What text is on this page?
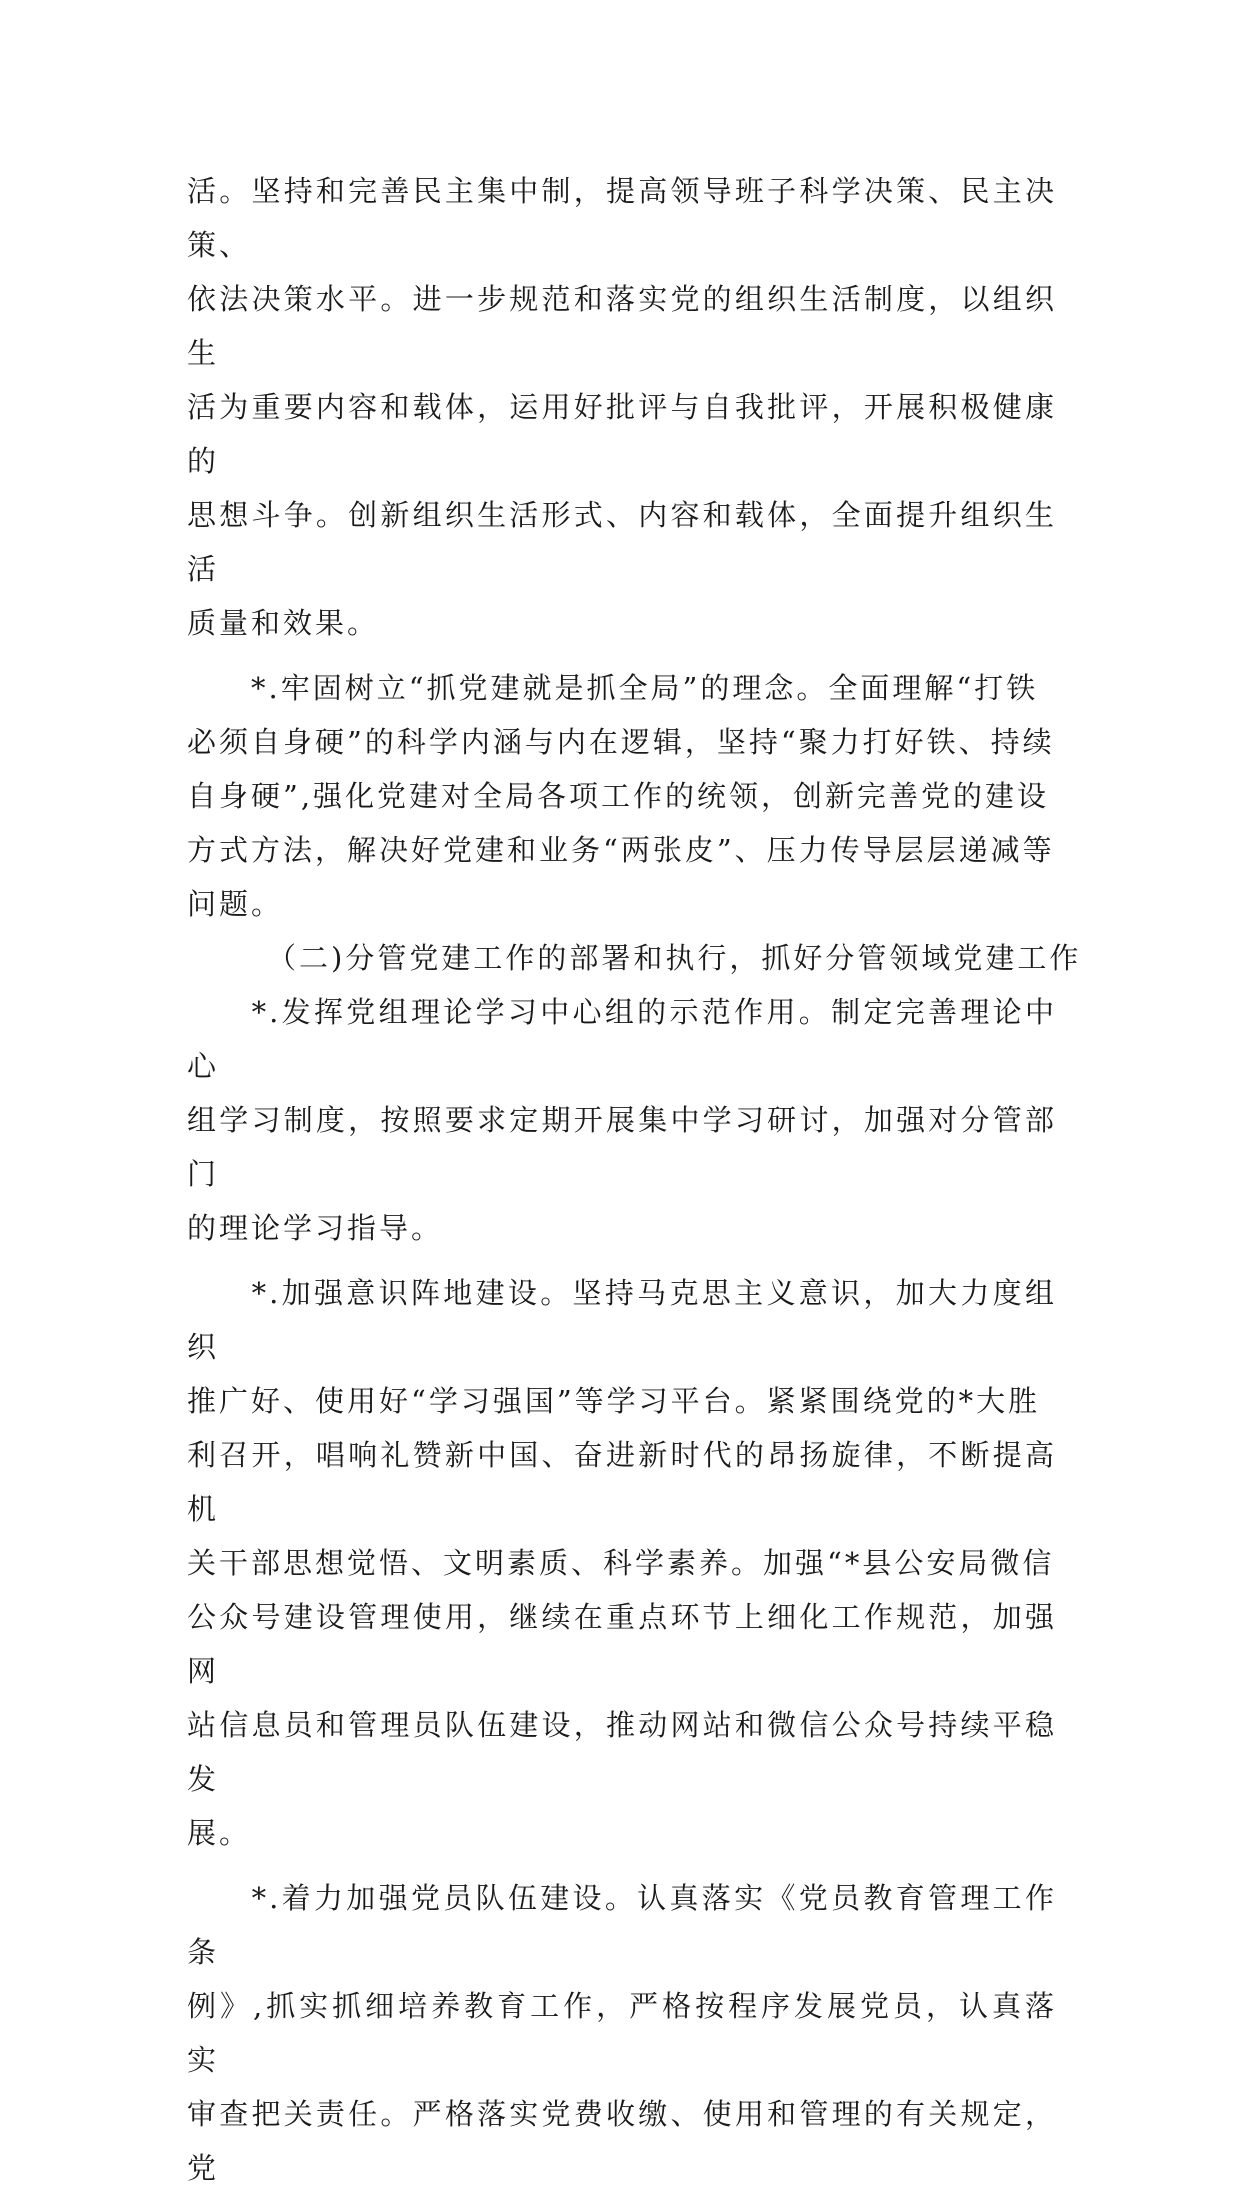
活。坚持和完善民主集中制，提高领导班子科学决策、民主决策、
依法决策水平。进一步规范和落实党的组织生活制度，以组织生
活为重要内容和载体，运用好批评与自我批评，开展积极健康的
思想斗争。创新组织生活形式、内容和载体，全面提升组织生活
质量和效果。

　　*.牢固树立“抓党建就是抓全局”的理念。全面理解“打铁
必须自身硬”的科学内涵与内在逻辑，坚持“聚力打好铁、持续
自身硬”,强化党建对全局各项工作的统领，创新完善党的建设
方式方法，解决好党建和业务“两张皮”、压力传导层层递减等
问题。

（二)分管党建工作的部署和执行，抓好分管领域党建工作

　　*.发挥党组理论学习中心组的示范作用。制定完善理论中心
组学习制度，按照要求定期开展集中学习研讨，加强对分管部门
的理论学习指导。

　　*.加强意识阵地建设。坚持马克思主义意识，加大力度组织
推广好、使用好“学习强国”等学习平台。紧紧围绕党的*大胜
利召开，唱响礼赞新中国、奋进新时代的昂扬旋律，不断提高机
关干部思想觉悟、文明素质、科学素养。加强“*县公安局微信
公众号建设管理使用，继续在重点环节上细化工作规范，加强网
站信息员和管理员队伍建设，推动网站和微信公众号持续平稳发
展。

　　*.着力加强党员队伍建设。认真落实《党员教育管理工作条
例》,抓实抓细培养教育工作，严格按程序发展党员，认真落实
审查把关责任。严格落实党费收缴、使用和管理的有关规定，党
